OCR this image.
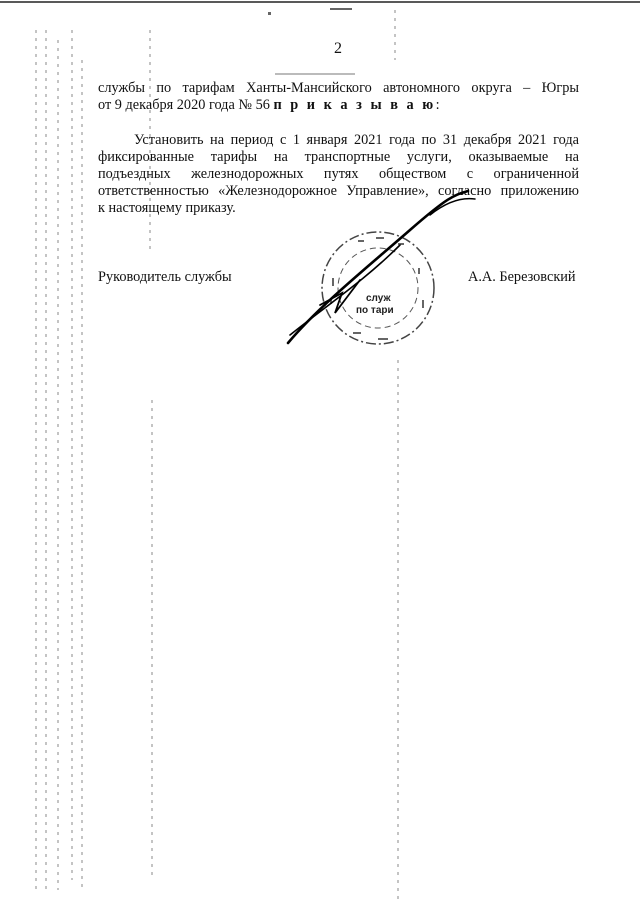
2
службы по тарифам Ханты-Мансийского автономного округа – Югры
от 9 декабря 2020 года № 56 п р и к а з ы в а ю:
Установить на период с 1 января 2021 года по 31 декабря 2021 года
фиксированные тарифы на транспортные услуги, оказываемые на
подъездных железнодорожных путях обществом с ограниченной
ответственностью «Железнодорожное Управление», согласно приложению
к настоящему приказу.
Руководитель службы	А.А. Березовский
служ
по тари
